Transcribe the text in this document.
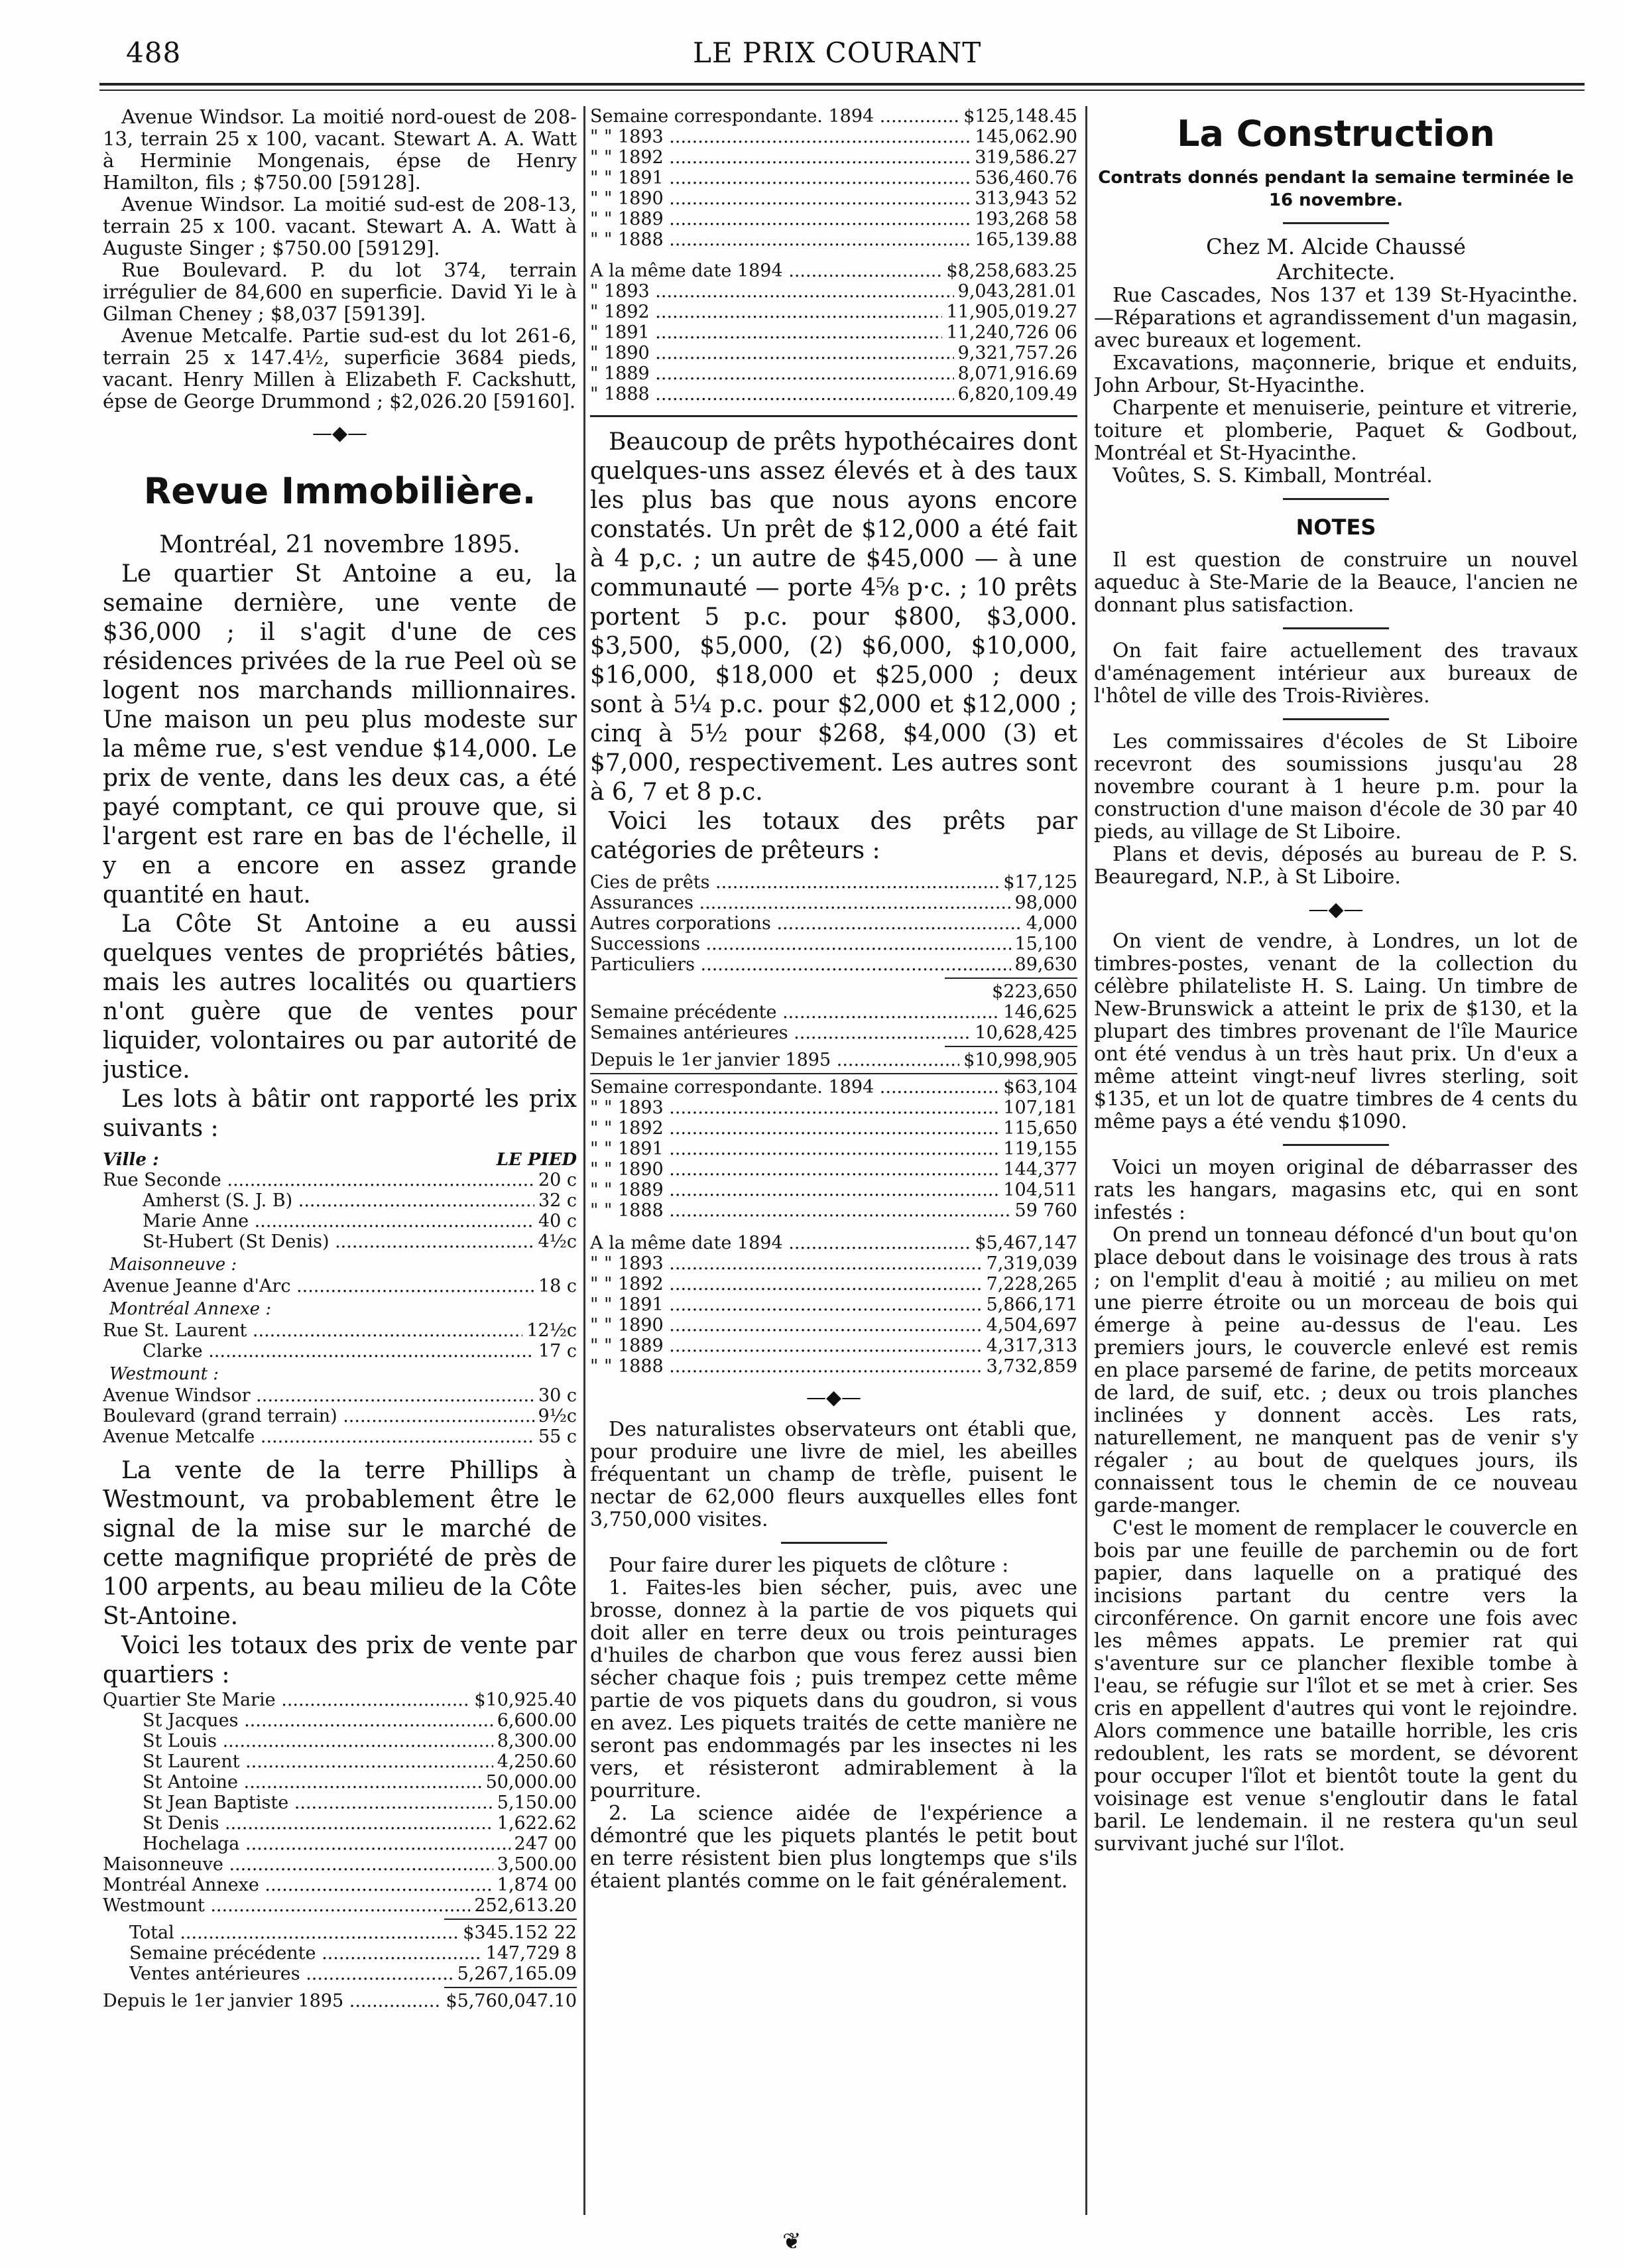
488	LE PRIX COURANT

Avenue Windsor. La moitié nord-ouest de 208-13, terrain 25 x 100, vacant. Stewart A. A. Watt à Herminie Mongenais, épse de Henry Hamilton, fils ; $750.00 [59128].

Avenue Windsor. La moitié sud-est de 208-13, terrain 25 x 100. vacant. Stewart A. A. Watt à Auguste Singer ; $750.00 [59129].

Rue Boulevard. P. du lot 374, terrain irrégulier de 84,600 en superficie. David Yi le à Gilman Cheney ; $8,037 [59139].

Avenue Metcalfe. Partie sud-est du lot 261-6, terrain 25 x 147.4½, superficie 3684 pieds, vacant. Henry Millen à Elizabeth F. Cackshutt, épse de George Drummond ; $2,026.20 [59160].

—◆—
Revue Immobilière.

Montréal, 21 novembre 1895.

Le quartier St Antoine a eu, la semaine dernière, une vente de $36,000 ; il s'agit d'une de ces résidences privées de la rue Peel où se logent nos marchands millionnaires. Une maison un peu plus modeste sur la même rue, s'est vendue $14,000. Le prix de vente, dans les deux cas, a été payé comptant, ce qui prouve que, si l'argent est rare en bas de l'échelle, il y en a encore en assez grande quantité en haut.

La Côte St Antoine a eu aussi quelques ventes de propriétés bâties, mais les autres localités ou quartiers n'ont guère que de ventes pour liquider, volontaires ou par autorité de justice.

Les lots à bâtir ont rapporté les prix suivants :

Ville :	LE PIED
Rue Seconde .....	20 c
Amherst (S. J. B) .....	32 c
Marie Anne .....	40 c
St-Hubert (St Denis) .....	4½c
Maisonneuve :
Avenue Jeanne d'Arc .....	18 c
Montréal Annexe :
Rue St. Laurent .....	12½c
Clarke .....	17 c
Westmount :
Avenue Windsor .....	30 c
Boulevard (grand terrain) .....	9½c
Avenue Metcalfe .....	55 c

La vente de la terre Phillips à Westmount, va probablement être le signal de la mise sur le marché de cette magnifique propriété de près de 100 arpents, au beau milieu de la Côte St-Antoine.

Voici les totaux des prix de vente par quartiers :

Quartier Ste Marie .....	$10,925.40
St Jacques .....	6,600.00
St Louis .....	8,300.00
St Laurent .....	4,250.60
St Antoine .....	50,000.00
St Jean Baptiste .....	5,150.00
St Denis .....	1,622.62
Hochelaga .....	247 00
Maisonneuve .....	3,500.00
Montréal Annexe .....	1,874 00
Westmount .....	252,613.20
Total .....	$345.152 22
Semaine précédente .....	147,729 8
Ventes antérieures .....	5,267,165.09
Depuis le 1er janvier 1895 .....	$5,760,047.10
Semaine correspondante. 1894 .....	$125,148.45
" " 1893 .....	145,062.90
" " 1892 .....	319,586.27
" " 1891 .....	536,460.76
" " 1890 .....	313,943 52
" " 1889 .....	193,268 58
" " 1888 .....	165,139.88
A la même date 1894 .....	$8,258,683.25
" 1893 .....	9,043,281.01
" 1892 .....	11,905,019.27
" 1891 .....	11,240,726 06
" 1890 .....	9,321,757.26
" 1889 .....	8,071,916.69
" 1888 .....	6,820,109.49

Beaucoup de prêts hypothécaires dont quelques-uns assez élevés et à des taux les plus bas que nous ayons encore constatés. Un prêt de $12,000 a été fait à 4 p,c. ; un autre de $45,000 — à une communauté — porte 4⅝ p·c. ; 10 prêts portent 5 p.c. pour $800, $3,000. $3,500, $5,000, (2) $6,000, $10,000, $16,000, $18,000 et $25,000 ; deux sont à 5¼ p.c. pour $2,000 et $12,000 ; cinq à 5½ pour $268, $4,000 (3) et $7,000, respectivement. Les autres sont à 6, 7 et 8 p.c.

Voici les totaux des prêts par catégories de prêteurs :

Cies de prêts .....	$17,125
Assurances .....	98,000
Autres corporations .....	4,000
Successions .....	15,100
Particuliers .....	89,630
$223,650
Semaine précédente .....	146,625
Semaines antérieures .....	10,628,425
Depuis le 1er janvier 1895 .....	$10,998,905
Semaine correspondante. 1894 .....	$63,104
" " 1893 .....	107,181
" " 1892 .....	115,650
" " 1891 .....	119,155
" " 1890 .....	144,377
" " 1889 .....	104,511
" " 1888 .....	59 760
A la même date 1894 .....	$5,467,147
" " 1893 .....	7,319,039
" " 1892 .....	7,228,265
" " 1891 .....	5,866,171
" " 1890 .....	4,504,697
" " 1889 .....	4,317,313
" " 1888 .....	3,732,859
—◆—

Des naturalistes observateurs ont établi que, pour produire une livre de miel, les abeilles fréquentant un champ de trèfle, puisent le nectar de 62,000 fleurs auxquelles elles font 3,750,000 visites.

Pour faire durer les piquets de clôture :

1. Faites-les bien sécher, puis, avec une brosse, donnez à la partie de vos piquets qui doit aller en terre deux ou trois peinturages d'huiles de charbon que vous ferez aussi bien sécher chaque fois ; puis trempez cette même partie de vos piquets dans du goudron, si vous en avez. Les piquets traités de cette manière ne seront pas endommagés par les insectes ni les vers, et résisteront admirablement à la pourriture.

2. La science aidée de l'expérience a démontré que les piquets plantés le petit bout en terre résistent bien plus longtemps que s'ils étaient plantés comme on le fait généralement.

La Construction

Contrats donnés pendant la semaine terminée le 16 novembre.

Chez M. Alcide Chaussé

Architecte.

Rue Cascades, Nos 137 et 139 St-Hyacinthe.—Réparations et agrandissement d'un magasin, avec bureaux et logement.

Excavations, maçonnerie, brique et enduits, John Arbour, St-Hyacinthe.

Charpente et menuiserie, peinture et vitrerie, toiture et plomberie, Paquet & Godbout, Montréal et St-Hyacinthe.

Voûtes, S. S. Kimball, Montréal.

NOTES

Il est question de construire un nouvel aqueduc à Ste-Marie de la Beauce, l'ancien ne donnant plus satisfaction.

On fait faire actuellement des travaux d'aménagement intérieur aux bureaux de l'hôtel de ville des Trois-Rivières.

Les commissaires d'écoles de St Liboire recevront des soumissions jusqu'au 28 novembre courant à 1 heure p.m. pour la construction d'une maison d'école de 30 par 40 pieds, au village de St Liboire.

Plans et devis, déposés au bureau de P. S. Beauregard, N.P., à St Liboire.

—◆—

On vient de vendre, à Londres, un lot de timbres-postes, venant de la collection du célèbre philateliste H. S. Laing. Un timbre de New-Brunswick a atteint le prix de $130, et la plupart des timbres provenant de l'île Maurice ont été vendus à un très haut prix. Un d'eux a même atteint vingt-neuf livres sterling, soit $135, et un lot de quatre timbres de 4 cents du même pays a été vendu $1090.

Voici un moyen original de débarrasser des rats les hangars, magasins etc, qui en sont infestés :

On prend un tonneau défoncé d'un bout qu'on place debout dans le voisinage des trous à rats ; on l'emplit d'eau à moitié ; au milieu on met une pierre étroite ou un morceau de bois qui émerge à peine au-dessus de l'eau. Les premiers jours, le couvercle enlevé est remis en place parsemé de farine, de petits morceaux de lard, de suif, etc. ; deux ou trois planches inclinées y donnent accès. Les rats, naturellement, ne manquent pas de venir s'y régaler ; au bout de quelques jours, ils connaissent tous le chemin de ce nouveau garde-manger.

C'est le moment de remplacer le couvercle en bois par une feuille de parchemin ou de fort papier, dans laquelle on a pratiqué des incisions partant du centre vers la circonférence. On garnit encore une fois avec les mêmes appats. Le premier rat qui s'aventure sur ce plancher flexible tombe à l'eau, se réfugie sur l'îlot et se met à crier. Ses cris en appellent d'autres qui vont le rejoindre. Alors commence une bataille horrible, les cris redoublent, les rats se mordent, se dévorent pour occuper l'îlot et bientôt toute la gent du voisinage est venue s'engloutir dans le fatal baril. Le lendemain. il ne restera qu'un seul survivant juché sur l'îlot.

❦
